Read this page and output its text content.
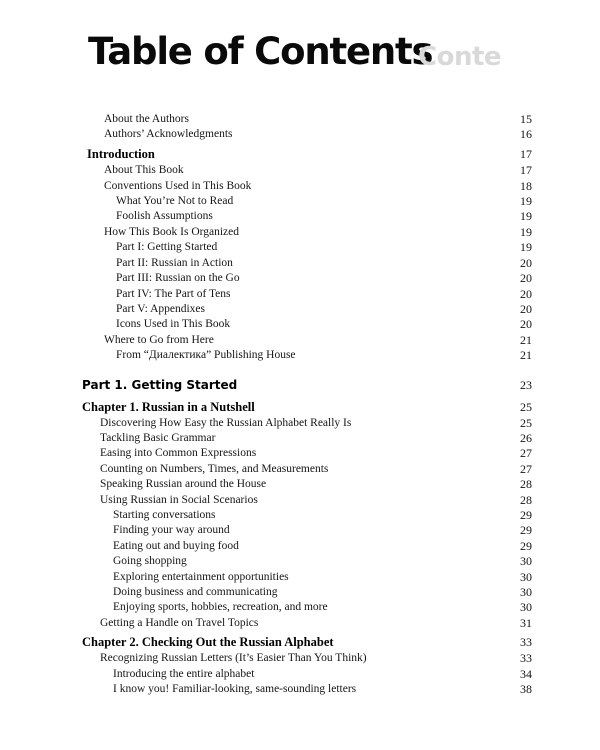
Table of Contents
Conte
About the Authors	15
Authors’ Acknowledgments	16
Introduction	17
About This Book	17
Conventions Used in This Book	18
What You’re Not to Read	19
Foolish Assumptions	19
How This Book Is Organized	19
Part I: Getting Started	19
Part II: Russian in Action	20
Part III: Russian on the Go	20
Part IV: The Part of Tens	20
Part V: Appendixes	20
Icons Used in This Book	20
Where to Go from Here	21
From “Диалектика” Publishing House	21
Part 1. Getting Started	23
Chapter 1. Russian in a Nutshell	25
Discovering How Easy the Russian Alphabet Really Is	25
Tackling Basic Grammar	26
Easing into Common Expressions	27
Counting on Numbers, Times, and Measurements	27
Speaking Russian around the House	28
Using Russian in Social Scenarios	28
Starting conversations	29
Finding your way around	29
Eating out and buying food	29
Going shopping	30
Exploring entertainment opportunities	30
Doing business and communicating	30
Enjoying sports, hobbies, recreation, and more	30
Getting a Handle on Travel Topics	31
Chapter 2. Checking Out the Russian Alphabet	33
Recognizing Russian Letters (It’s Easier Than You Think)	33
Introducing the entire alphabet	34
I know you! Familiar-looking, same-sounding letters	38
